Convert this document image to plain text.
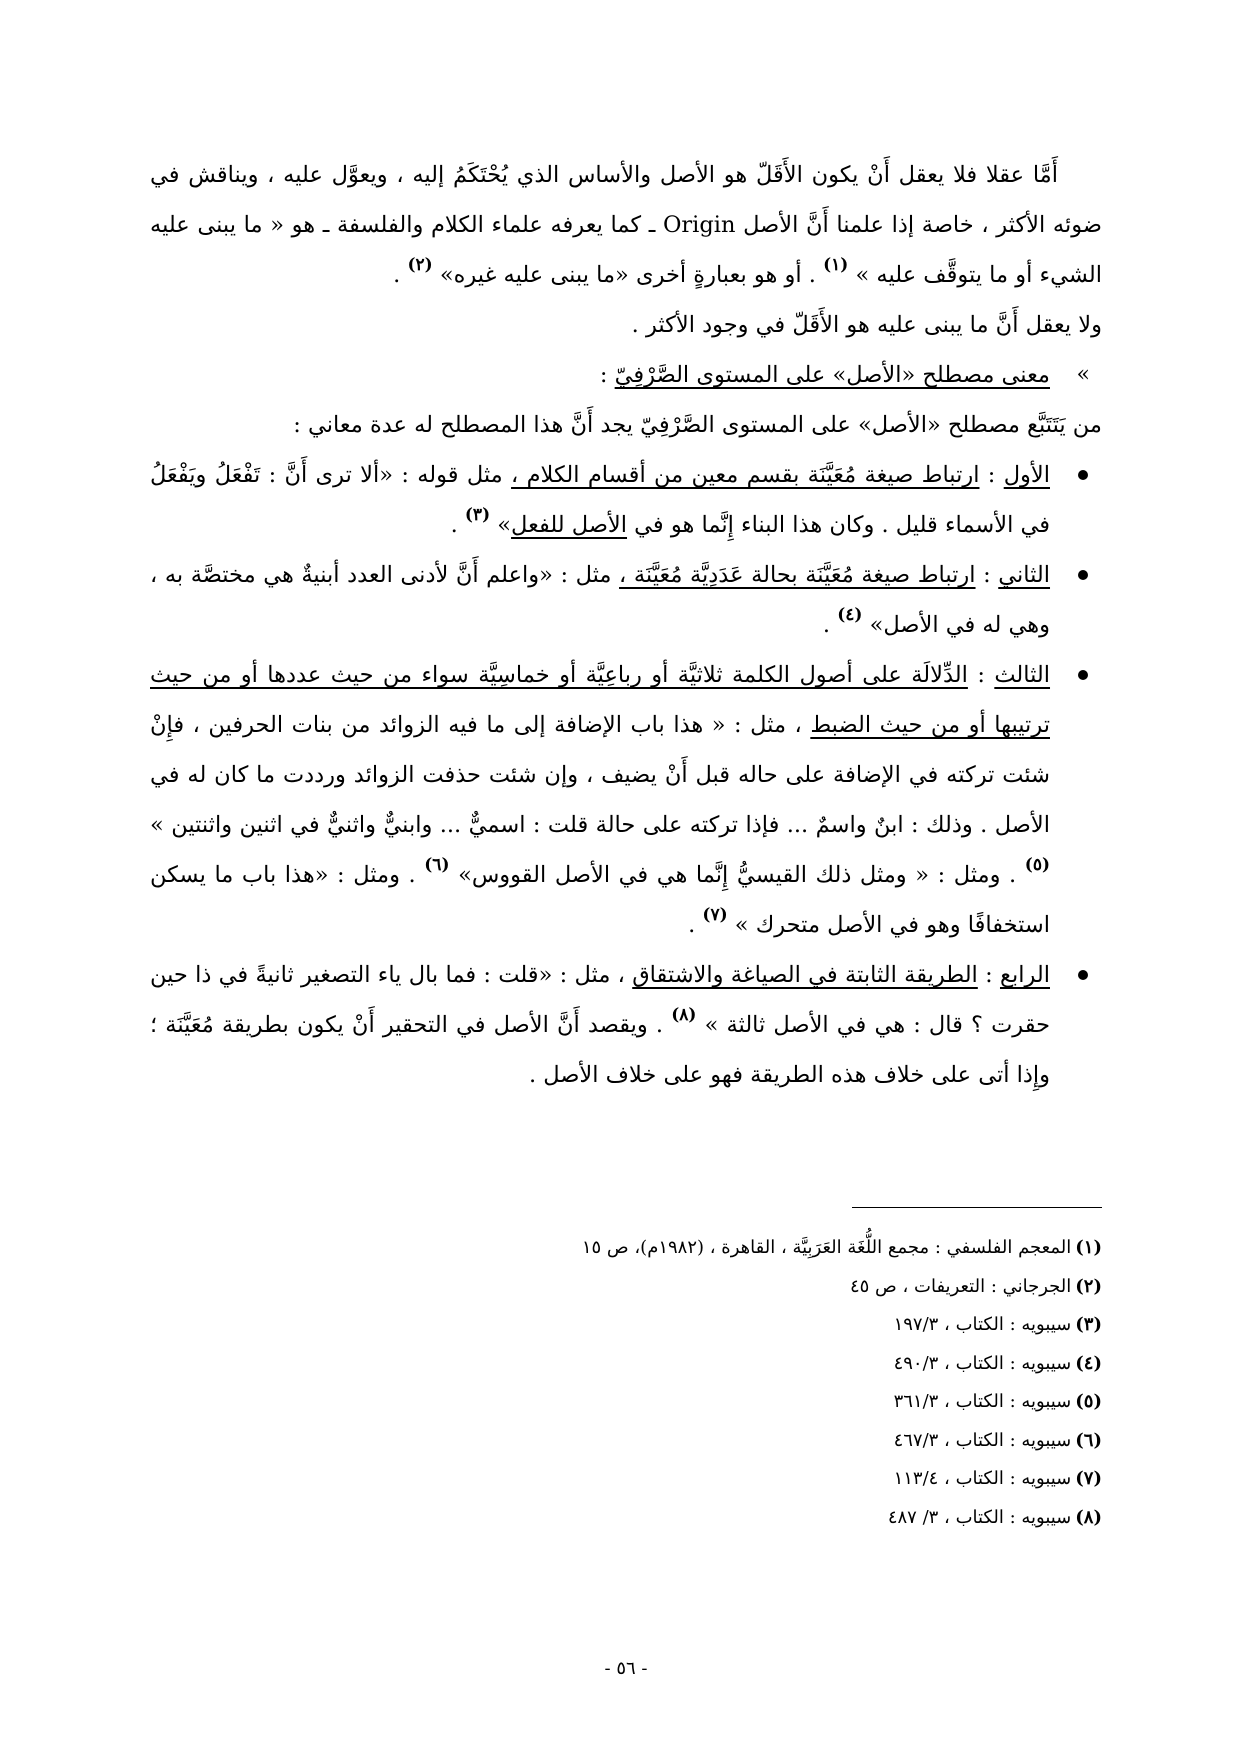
أَمَّا عقلا فلا يعقل أَنْ يكون الأَقَلّ هو الأصل والأساس الذي يُحْتَكَمُ إليه ، ويعوَّل عليه ، ويناقش في ضوئه الأكثر ، خاصة إذا علمنا أَنَّ الأصل Origin ـ كما يعرفه علماء الكلام والفلسفة ـ هو « ما يبنى عليه الشيء أو ما يتوقَّف عليه » $^{(١)}$ . أو هو بعبارةٍ أخرى «ما يبنى عليه غيره» $^{(٢)}$ .

ولا يعقل أَنَّ ما يبنى عليه هو الأَقَلّ في وجود الأكثر .

»
معنى مصطلح «الأصل» على المستوى الصَّرْفِيّ :

من يَتَتَبَّع مصطلح «الأصل» على المستوى الصَّرْفِيّ يجد أَنَّ هذا المصطلح له عدة معاني :

الأول : ارتباط صيغة مُعَيَّنَة بقسم معين من أقسام الكلام ، مثل قوله : «ألا ترى أَنَّ : تَفْعَلُ ويَفْعَلُ في الأسماء قليل . وكان هذا البناء إِنَّما هو في الأصل للفعل» $^{(٣)}$ .
الثاني : ارتباط صيغة مُعَيَّنَة بحالة عَدَدِيَّة مُعَيَّنَة ، مثل : «واعلم أَنَّ لأدنى العدد أبنيةٌ هي مختصَّة به ، وهي له في الأصل» $^{(٤)}$ .
الثالث : الدِّلالَة على أصول الكلمة ثلاثيَّة أو رباعِيَّة أو خماسِيَّة سواء من حيث عددها أو من حيث ترتيبها أو من حيث الضبط ، مثل : « هذا باب الإضافة إلى ما فيه الزوائد من بنات الحرفين ، فإِنْ شئت تركته في الإضافة على حاله قبل أَنْ يضيف ، وإن شئت حذفت الزوائد ورددت ما كان له في الأصل . وذلك : ابنٌ واسمٌ ... فإذا تركته على حالة قلت : اسميٌّ ... وابنيٌّ واثنيٌّ في اثنين واثنتين » $^{(٥)}$ . ومثل : « ومثل ذلك القيسيُّ إِنَّما هي في الأصل القووس» $^{(٦)}$ . ومثل : «هذا باب ما يسكن استخفافًا وهو في الأصل متحرك » $^{(٧)}$ .
الرابع : الطريقة الثابتة في الصياغة والاشتقاق ، مثل : «قلت : فما بال ياء التصغير ثانيةً في ذا حين حقرت ؟ قال : هي في الأصل ثالثة » $^{(٨)}$ . ويقصد أَنَّ الأصل في التحقير أَنْ يكون بطريقة مُعَيَّنَة ؛ وإِذا أتى على خلاف هذه الطريقة فهو على خلاف الأصل .
(١)المعجم الفلسفي : مجمع اللُّغَة العَرَبِيَّة ، القاهرة ، (١٩٨٢م)، ص ١٥
(٢)الجرجاني : التعريفات ، ص ٤٥
(٣)سيبويه : الكتاب ، ١٩٧/٣
(٤)سيبويه : الكتاب ، ٤٩٠/٣
(٥)سيبويه : الكتاب ، ٣٦١/٣
(٦)سيبويه : الكتاب ، ٤٦٧/٣
(٧)سيبويه : الكتاب ، ١١٣/٤
(٨)سيبويه : الكتاب ، ٣/ ٤٨٧
- ٥٦ -
